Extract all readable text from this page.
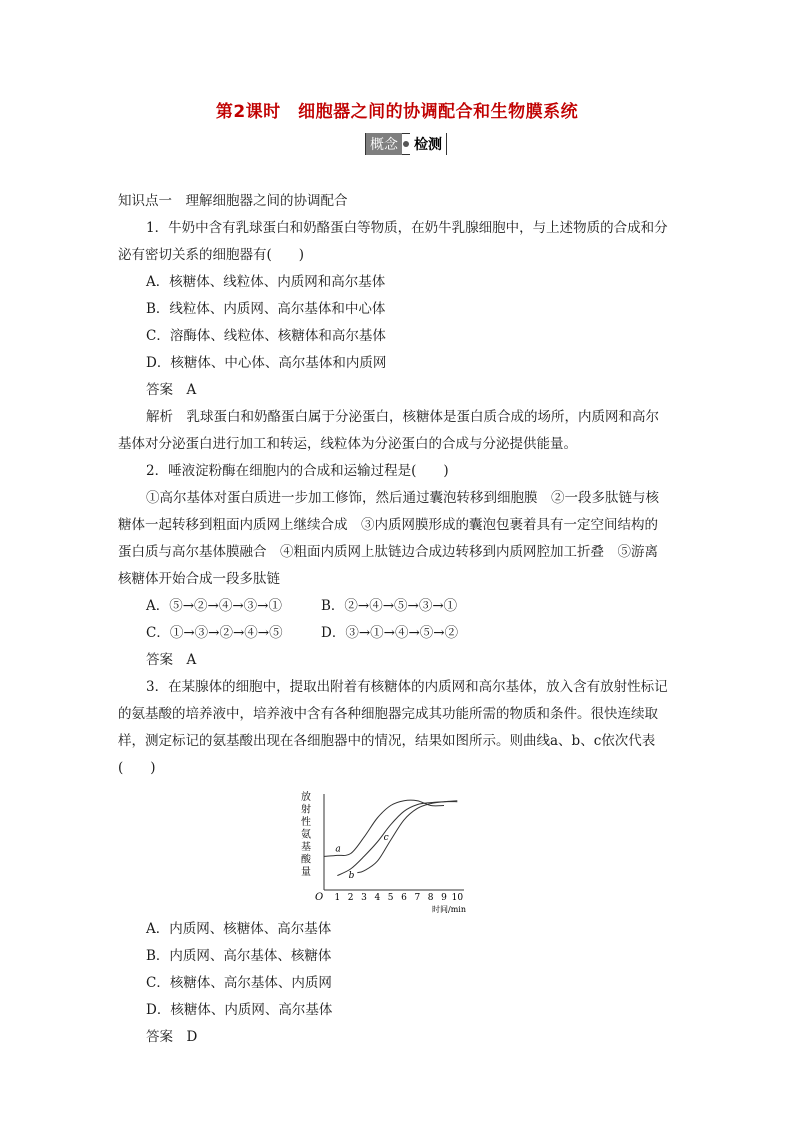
第2课时　细胞器之间的协调配合和生物膜系统
概念 检测

知识点一　理解细胞器之间的协调配合

1．牛奶中含有乳球蛋白和奶酪蛋白等物质，在奶牛乳腺细胞中，与上述物质的合成和分

泌有密切关系的细胞器有(　　)

A．核糖体、线粒体、内质网和高尔基体

B．线粒体、内质网、高尔基体和中心体

C．溶酶体、线粒体、核糖体和高尔基体

D．核糖体、中心体、高尔基体和内质网

答案　 A

解析　 乳球蛋白和奶酪蛋白属于分泌蛋白，核糖体是蛋白质合成的场所，内质网和高尔

基体对分泌蛋白进行加工和转运，线粒体为分泌蛋白的合成与分泌提供能量。

2．唾液淀粉酶在细胞内的合成和运输过程是(　　)

①高尔基体对蛋白质进一步加工修饰，然后通过囊泡转移到细胞膜　②一段多肽链与核

糖体一起转移到粗面内质网上继续合成　③内质网膜形成的囊泡包裹着具有一定空间结构的

蛋白质与高尔基体膜融合　④粗面内质网上肽链边合成边转移到内质网腔加工折叠　⑤游离

核糖体开始合成一段多肽链

A．⑤→②→④→③→①	B．②→④→⑤→③→①
C．①→③→②→④→⑤	D．③→①→④→⑤→②

答案　 A

3．在某腺体的细胞中，提取出附着有核糖体的内质网和高尔基体，放入含有放射性标记

的氨基酸的培养液中，培养液中含有各种细胞器完成其功能所需的物质和条件。很快连续取

样，测定标记的氨基酸出现在各细胞器中的情况，结果如图所示。则曲线a、b、c依次代表(　　)

放射性氨基酸量
O 1 2 3 4 5 6 7 8 9 10
a
b
c
时间/min

A．内质网、核糖体、高尔基体

B．内质网、高尔基体、核糖体

C．核糖体、高尔基体、内质网

D．核糖体、内质网、高尔基体

答案　 D
